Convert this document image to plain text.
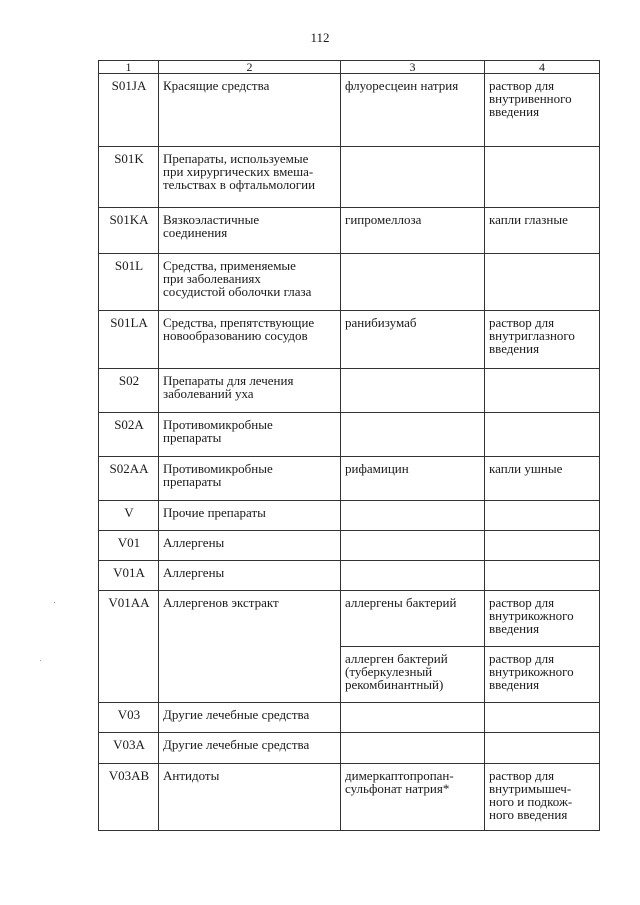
112
1	2	3	4
S01JA	Красящие средства	флуоресцеин натрия	раствор для
внутривенного
введения

S01K	Препараты, используемые
при хирургических вмеша-
тельствах в офтальмологии		

S01KA	Вязкоэластичные
соединения	гипромеллоза	капли глазные

S01L	Средства, применяемые
при заболеваниях
сосудистой оболочки глаза		

S01LA	Средства, препятствующие
новообразованию сосудов	ранибизумаб	раствор для
внутриглазного
введения

S02	Препараты для лечения
заболеваний уха		

S02A	Противомикробные
препараты		

S02AA	Противомикробные
препараты	рифамицин	капли ушные

V	Прочие препараты		

V01	Аллергены		

V01A	Аллергены		

V01AA	Аллергенов экстракт	аллергены бактерий	раствор для
внутрикожного
введения

		аллерген бактерий
(туберкулезный
рекомбинантный)	раствор для
внутрикожного
введения

V03	Другие лечебные средства		

V03A	Другие лечебные средства		

V03AB	Антидоты	димеркаптопропан-
сульфонат натрия*	раствор для
внутримышеч-
ного и подкож-
ного введения
